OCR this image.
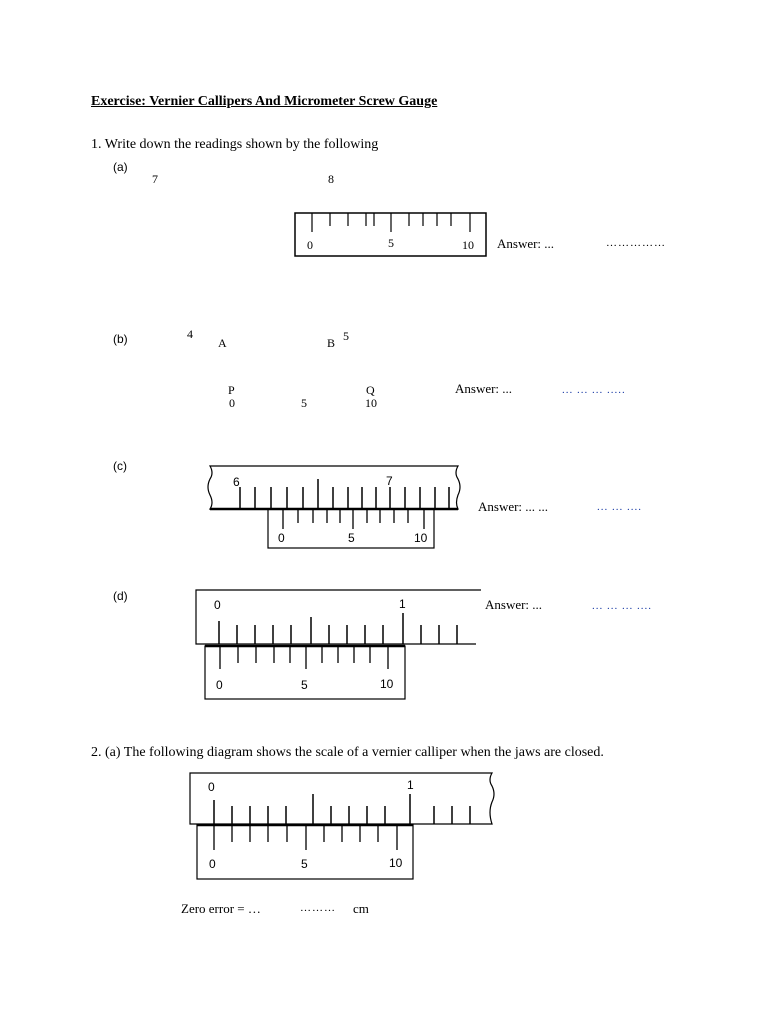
Exercise: Vernier Callipers And Micrometer Screw Gauge
1. Write down the readings shown by the following
(a)
7	8
0	5	10 Answer: ...	……………
(b)	4
A	B 5
P	Q
0	5	10
Answer: ...	... ... ... .....
(c)
6	7
0	5	10
Answer: ... ...	... ... ....
(d)
0	1
0	5	10
Answer: ...	... ... ... ....
2. (a) The following diagram shows the scale of a vernier calliper when the jaws are closed.
0	1
0	5	10
Zero error = …	……… cm
